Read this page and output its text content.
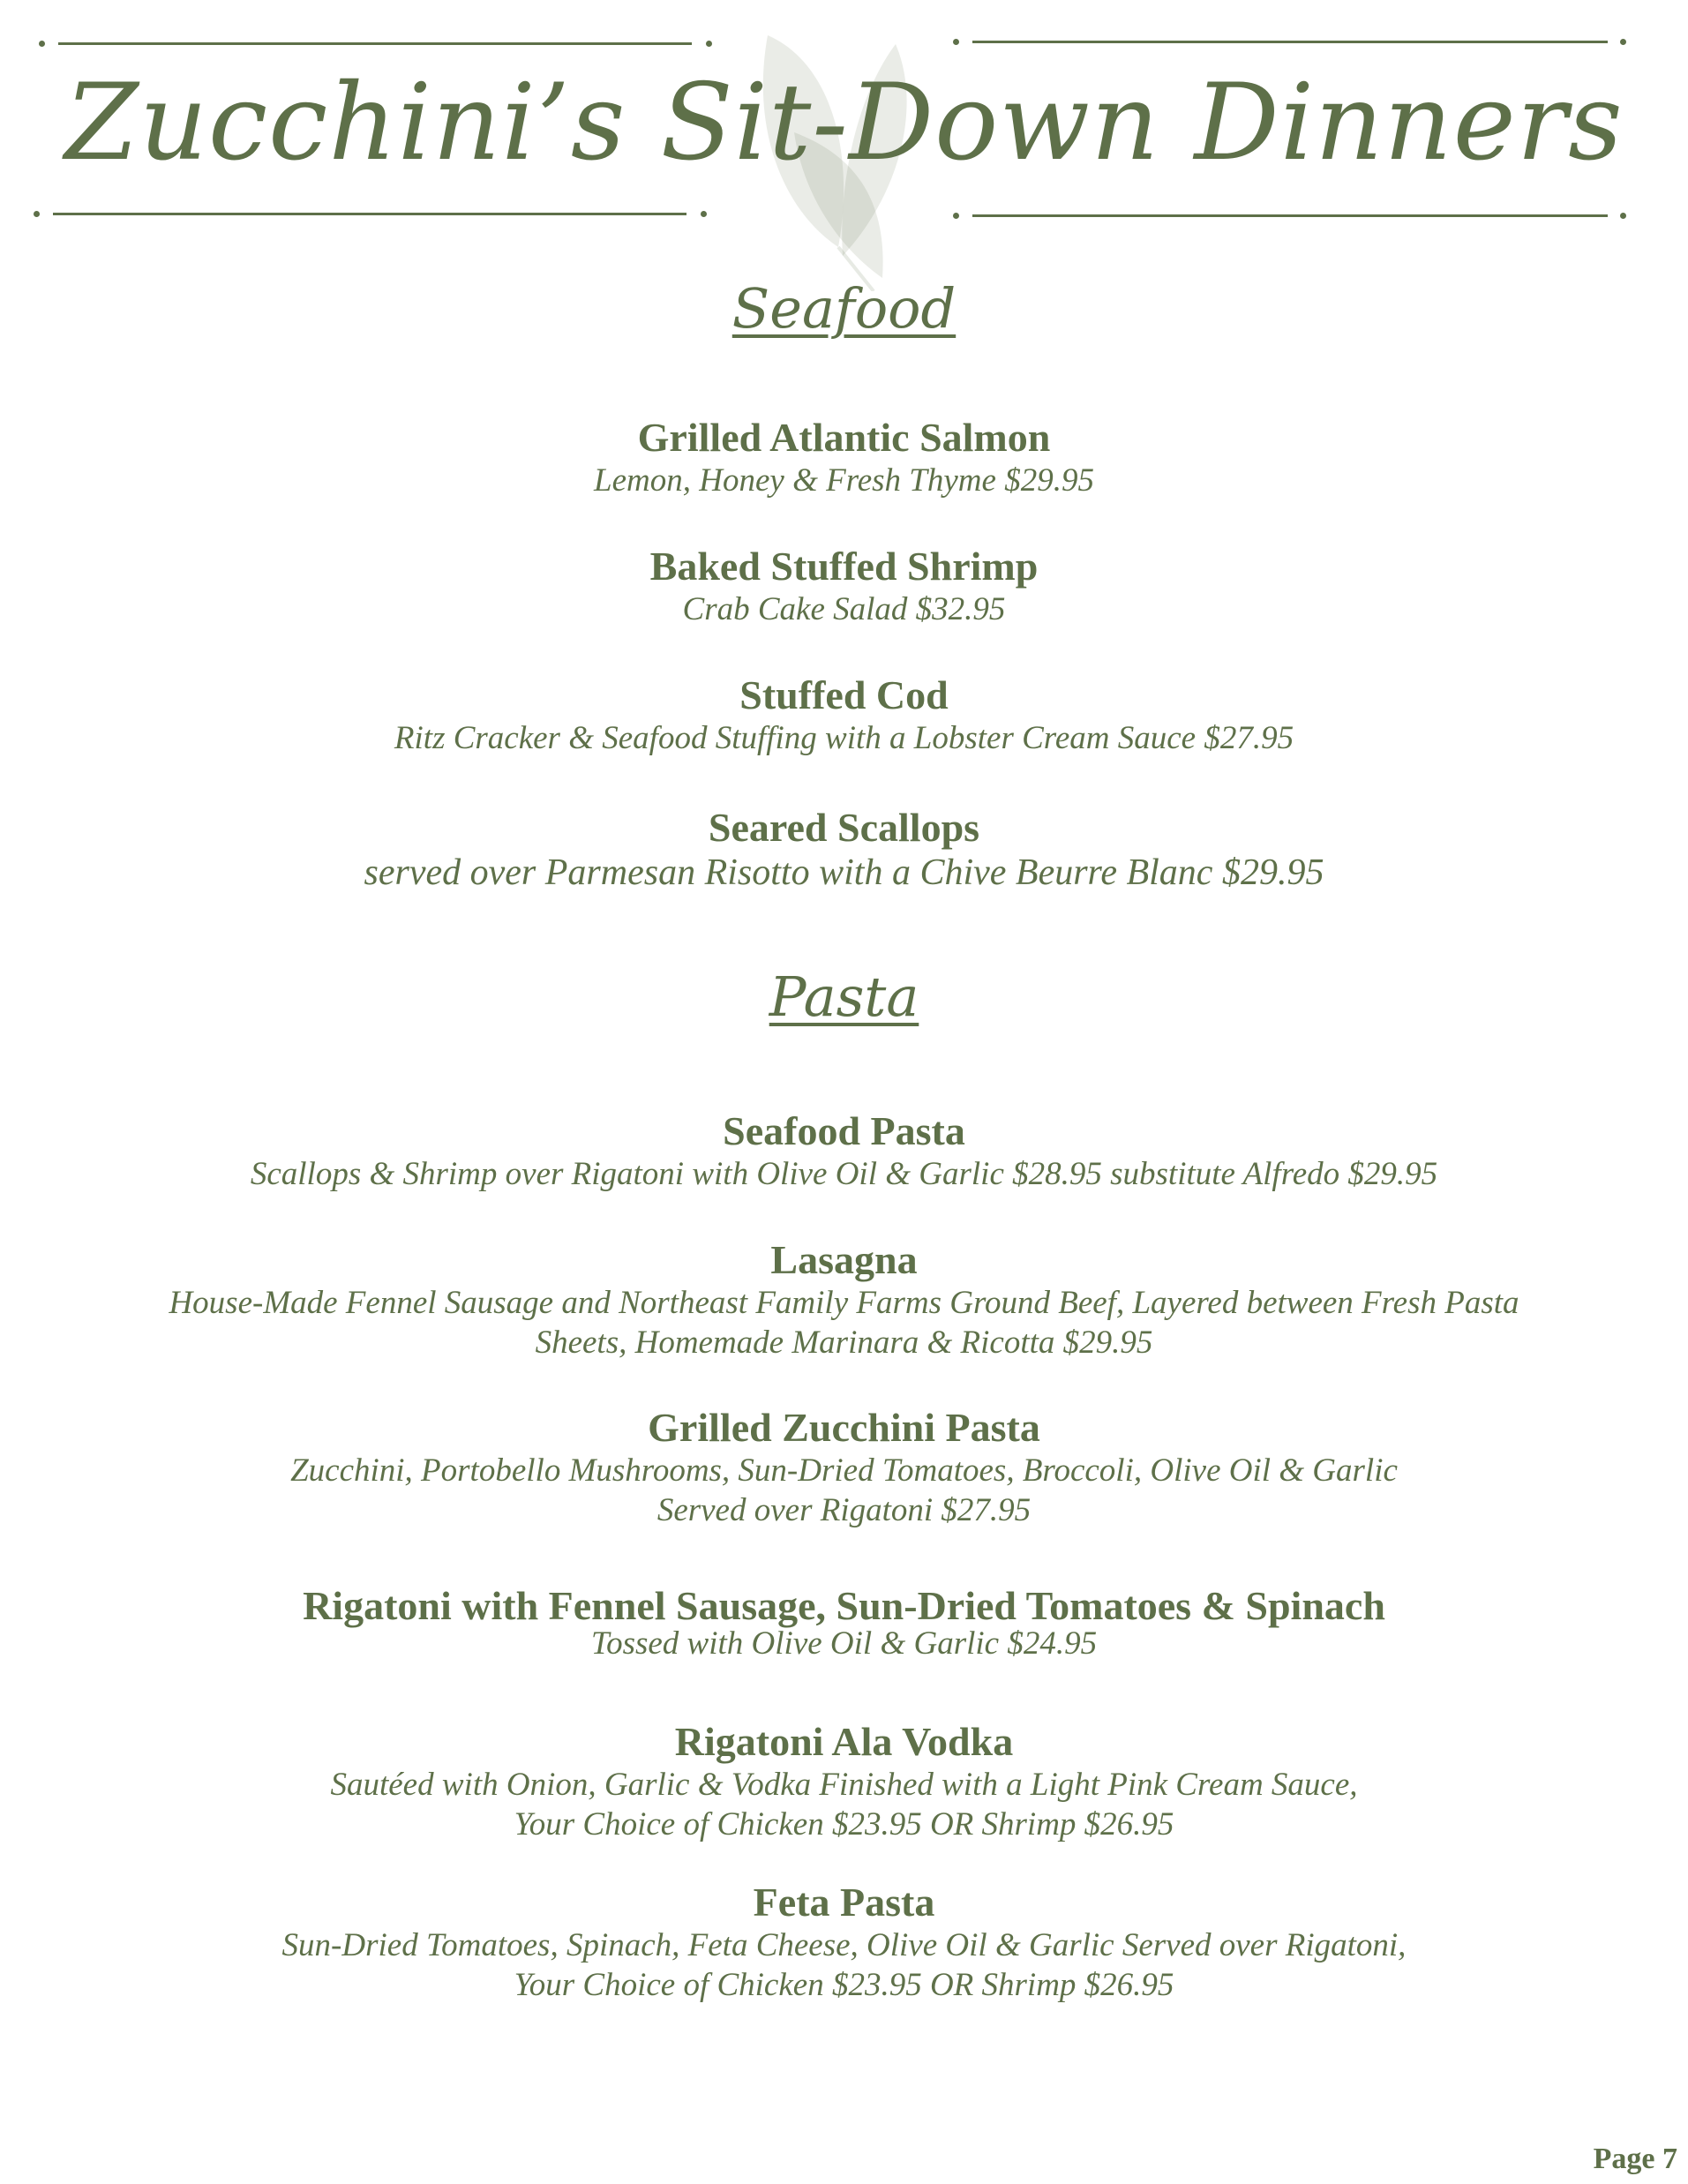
Zucchini’s Sit-Down Dinners
Seafood
Grilled Atlantic Salmon
Lemon, Honey & Fresh Thyme $29.95
Baked Stuffed Shrimp
Crab Cake Salad $32.95
Stuffed Cod
Ritz Cracker & Seafood Stuffing with a Lobster Cream Sauce $27.95
Seared Scallops
served over Parmesan Risotto with a Chive Beurre Blanc $29.95
Pasta
Seafood Pasta
Scallops & Shrimp over Rigatoni with Olive Oil & Garlic $28.95 substitute Alfredo $29.95
Lasagna
House-Made Fennel Sausage and Northeast Family Farms Ground Beef, Layered between Fresh Pasta
Sheets, Homemade Marinara & Ricotta $29.95
Grilled Zucchini Pasta
Zucchini, Portobello Mushrooms, Sun-Dried Tomatoes, Broccoli, Olive Oil & Garlic
Served over Rigatoni $27.95
Rigatoni with Fennel Sausage, Sun-Dried Tomatoes & Spinach
Tossed with Olive Oil & Garlic $24.95
Rigatoni Ala Vodka
Sautéed with Onion, Garlic & Vodka Finished with a Light Pink Cream Sauce,
Your Choice of Chicken $23.95 OR Shrimp $26.95
Feta Pasta
Sun-Dried Tomatoes, Spinach, Feta Cheese, Olive Oil & Garlic Served over Rigatoni,
Your Choice of Chicken $23.95 OR Shrimp $26.95
Page 7
